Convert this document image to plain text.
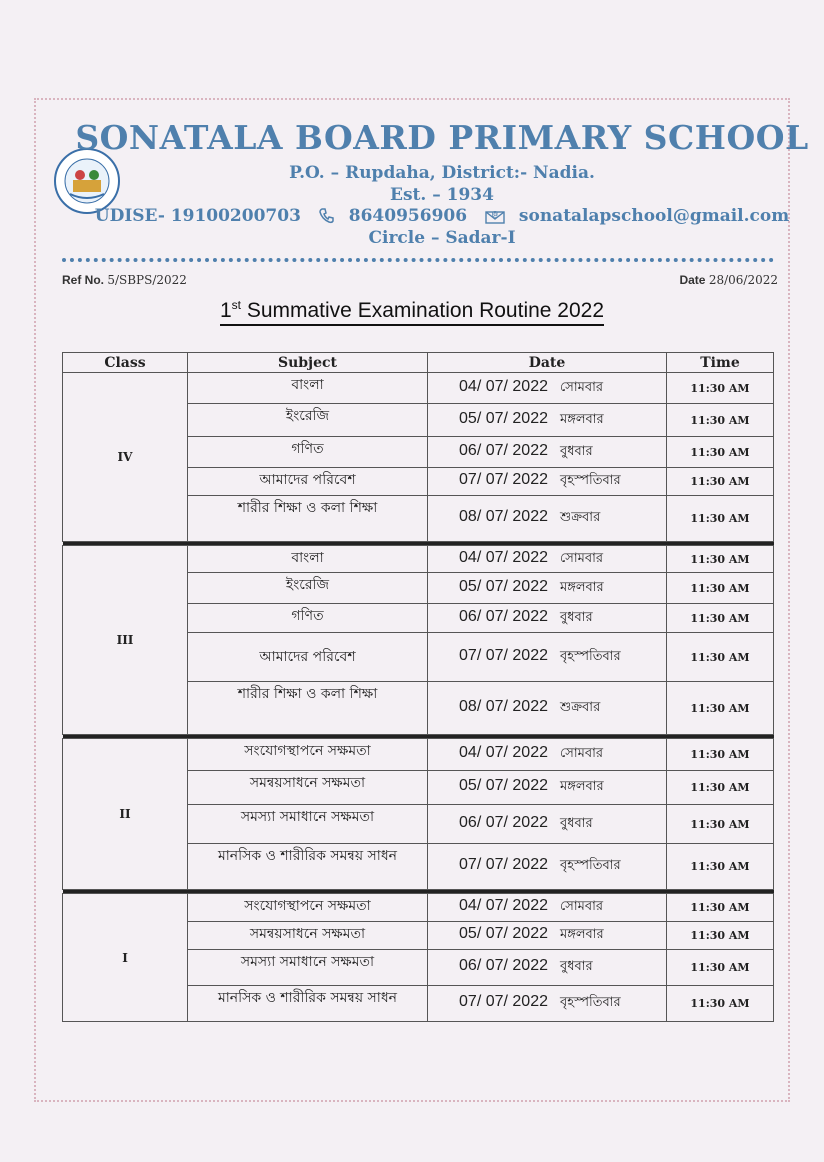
SONATALA BOARD PRIMARY SCHOOL
P.O. – Rupdaha, District:- Nadia.
Est. – 1934
UDISE- 19100200703	8640956906	@ sonatalapschool@gmail.com
Circle – Sadar-I
Ref No. 5/SBPS/2022	Date 28/06/2022
1st Summative Examination Routine 2022
Class	Subject	Date	Time
IV	বাংলা	04/ 07/ 2022 সোমবার	11:30 AM
	ইংরেজি	05/ 07/ 2022 মঙ্গলবার	11:30 AM
	গণিত	06/ 07/ 2022 বুধবার	11:30 AM
	আমাদের পরিবেশ	07/ 07/ 2022 বৃহস্পতিবার	11:30 AM
	শারীর শিক্ষা ও কলা শিক্ষা	08/ 07/ 2022 শুক্রবার	11:30 AM

III	বাংলা	04/ 07/ 2022 সোমবার	11:30 AM
	ইংরেজি	05/ 07/ 2022 মঙ্গলবার	11:30 AM
	গণিত	06/ 07/ 2022 বুধবার	11:30 AM
	আমাদের পরিবেশ	07/ 07/ 2022 বৃহস্পতিবার	11:30 AM
	শারীর শিক্ষা ও কলা শিক্ষা	08/ 07/ 2022 শুক্রবার	11:30 AM

II	সংযোগস্থাপনে সক্ষমতা	04/ 07/ 2022 সোমবার	11:30 AM
	সমন্বয়সাধনে সক্ষমতা	05/ 07/ 2022 মঙ্গলবার	11:30 AM
	সমস্যা সমাধানে সক্ষমতা	06/ 07/ 2022 বুধবার	11:30 AM
	মানসিক ও শারীরিক সমন্বয় সাধন	07/ 07/ 2022 বৃহস্পতিবার	11:30 AM

I	সংযোগস্থাপনে সক্ষমতা	04/ 07/ 2022 সোমবার	11:30 AM
	সমন্বয়সাধনে সক্ষমতা	05/ 07/ 2022 মঙ্গলবার	11:30 AM
	সমস্যা সমাধানে সক্ষমতা	06/ 07/ 2022 বুধবার	11:30 AM
	মানসিক ও শারীরিক সমন্বয় সাধন	07/ 07/ 2022 বৃহস্পতিবার	11:30 AM
